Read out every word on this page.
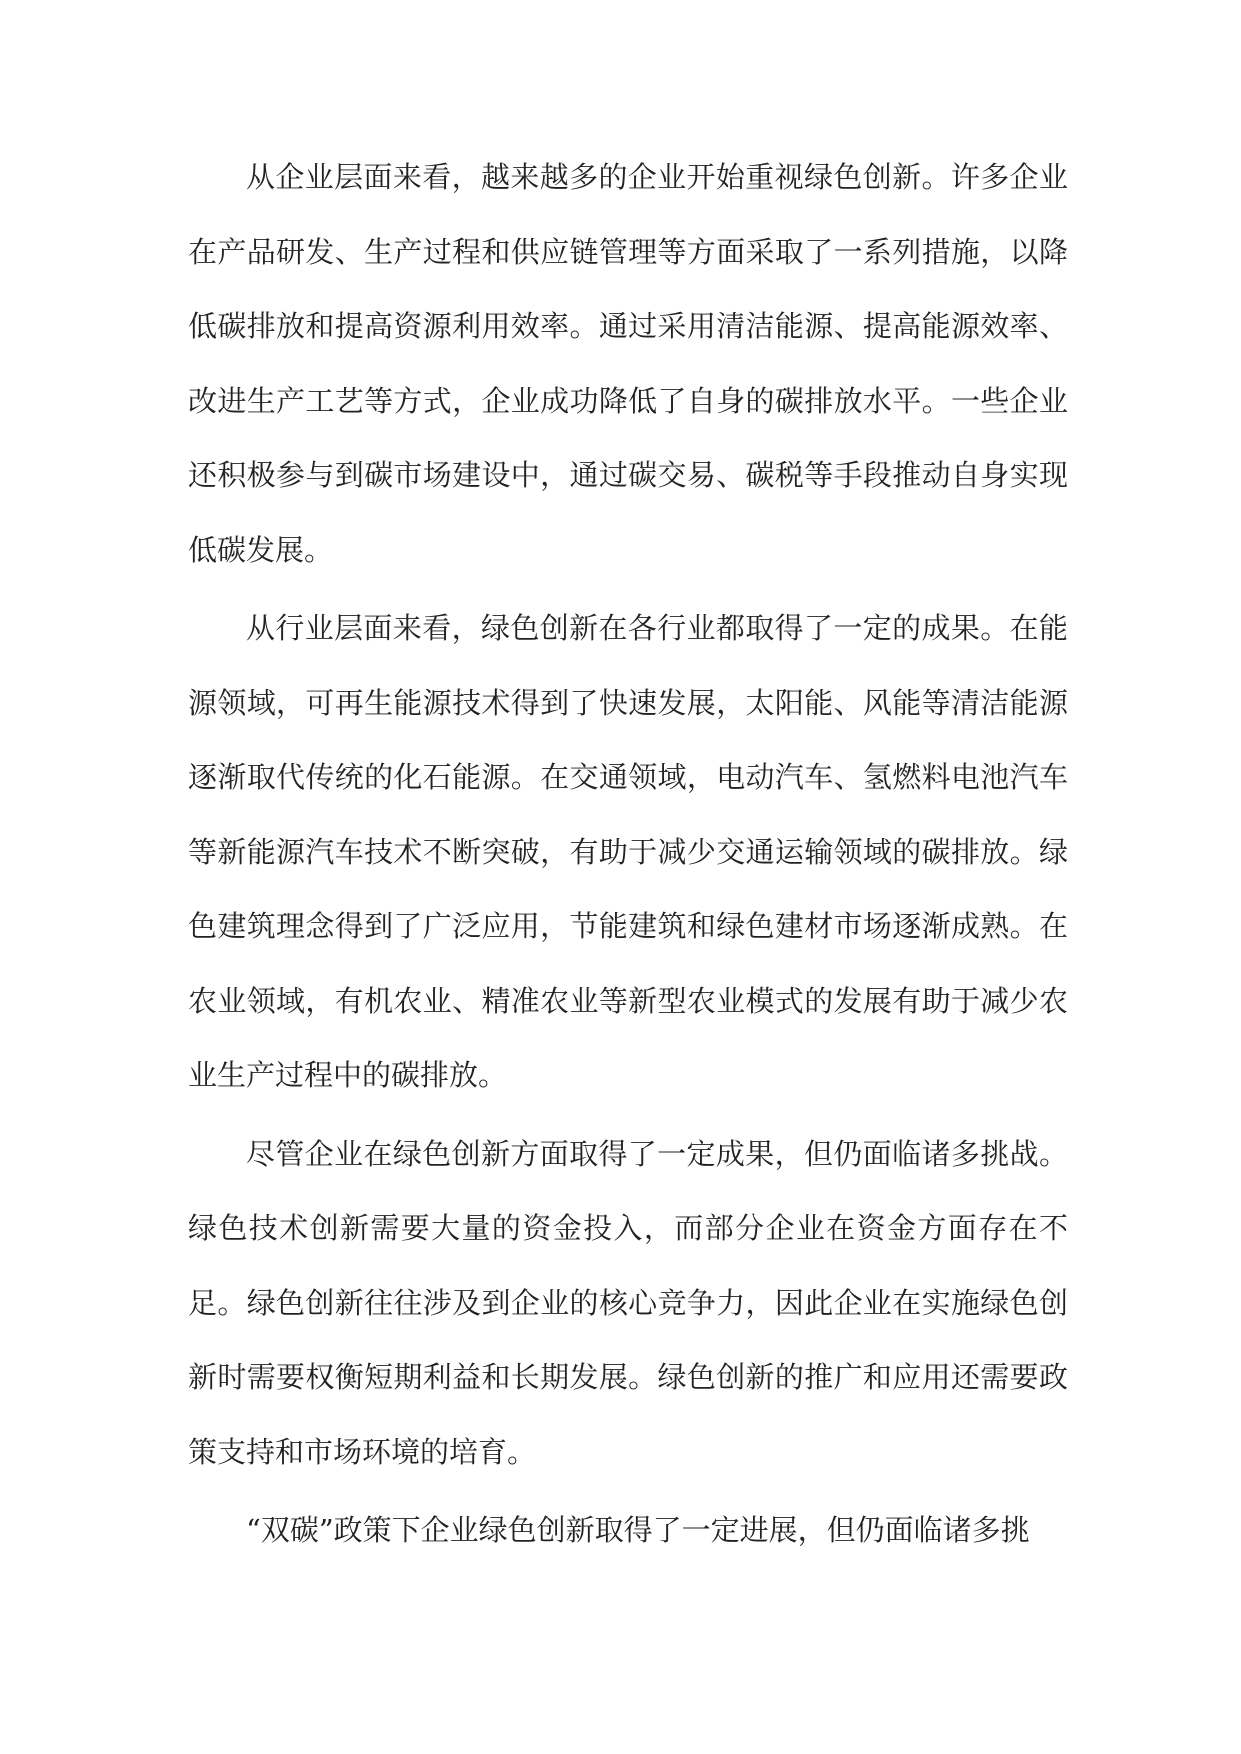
从企业层面来看，越来越多的企业开始重视绿色创新。许多企业在产品研发、生产过程和供应链管理等方面采取了一系列措施，以降低碳排放和提高资源利用效率。通过采用清洁能源、提高能源效率、改进生产工艺等方式，企业成功降低了自身的碳排放水平。一些企业还积极参与到碳市场建设中，通过碳交易、碳税等手段推动自身实现低碳发展。

从行业层面来看，绿色创新在各行业都取得了一定的成果。在能源领域，可再生能源技术得到了快速发展，太阳能、风能等清洁能源逐渐取代传统的化石能源。在交通领域，电动汽车、氢燃料电池汽车等新能源汽车技术不断突破，有助于减少交通运输领域的碳排放。绿色建筑理念得到了广泛应用，节能建筑和绿色建材市场逐渐成熟。在农业领域，有机农业、精准农业等新型农业模式的发展有助于减少农业生产过程中的碳排放。

尽管企业在绿色创新方面取得了一定成果，但仍面临诸多挑战。绿色技术创新需要大量的资金投入，而部分企业在资金方面存在不足。绿色创新往往涉及到企业的核心竞争力，因此企业在实施绿色创新时需要权衡短期利益和长期发展。绿色创新的推广和应用还需要政策支持和市场环境的培育。

“双碳”政策下企业绿色创新取得了一定进展，但仍面临诸多挑
